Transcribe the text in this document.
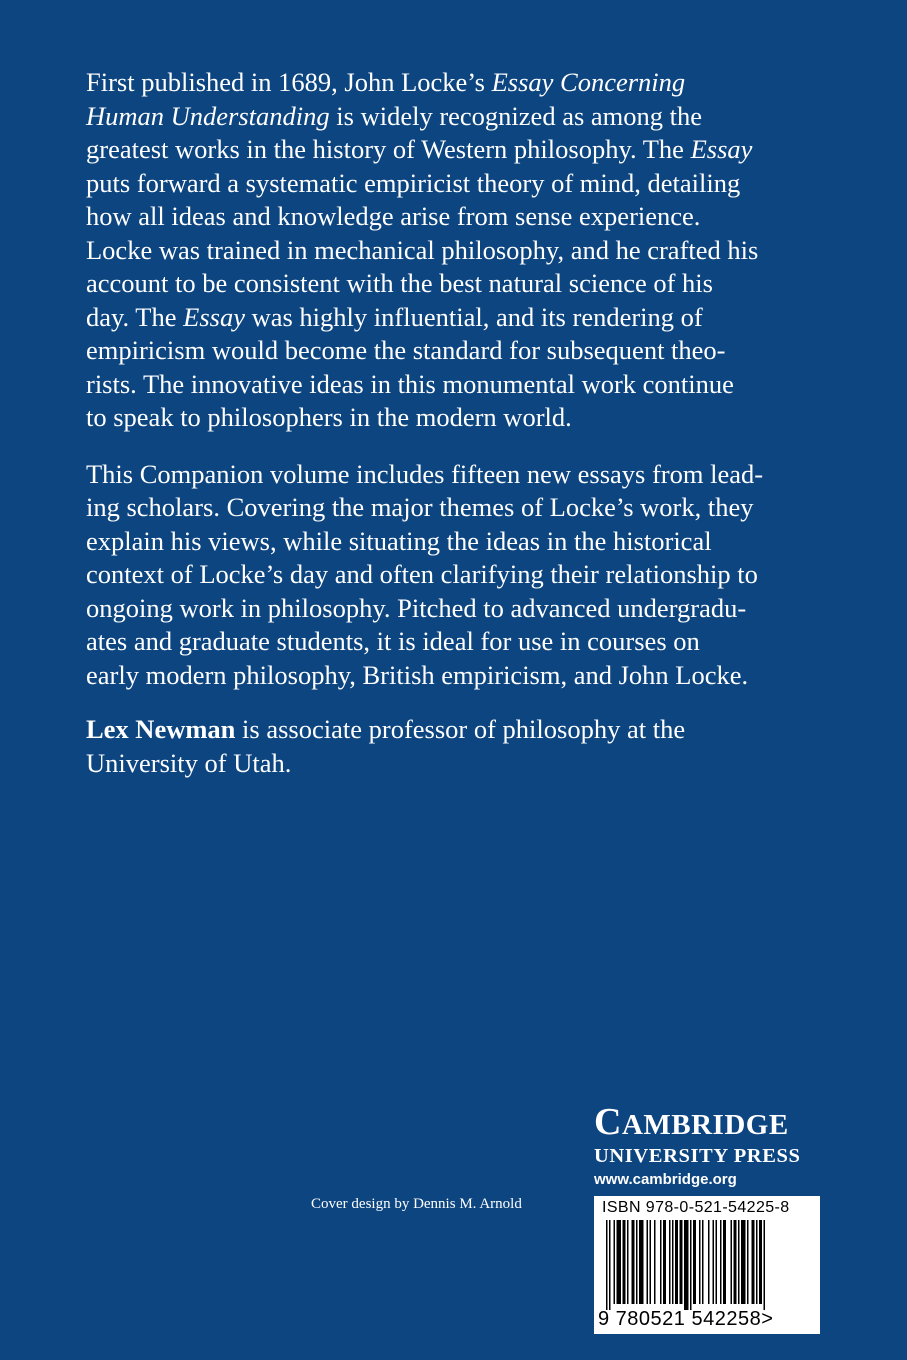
First published in 1689, John Locke’s Essay Concerning

Human Understanding is widely recognized as among the

greatest works in the history of Western philosophy. The Essay

puts forward a systematic empiricist theory of mind, detailing

how all ideas and knowledge arise from sense experience.

Locke was trained in mechanical philosophy, and he crafted his

account to be consistent with the best natural science of his

day. The Essay was highly influential, and its rendering of

empiricism would become the standard for subsequent theo-

rists. The innovative ideas in this monumental work continue

to speak to philosophers in the modern world.

This Companion volume includes fifteen new essays from lead-

ing scholars. Covering the major themes of Locke’s work, they

explain his views, while situating the ideas in the historical

context of Locke’s day and often clarifying their relationship to

ongoing work in philosophy. Pitched to advanced undergradu-

ates and graduate students, it is ideal for use in courses on

early modern philosophy, British empiricism, and John Locke.

Lex Newman is associate professor of philosophy at the

University of Utah.

CAMBRIDGE
UNIVERSITY PRESS
www.cambridge.org
Cover design by Dennis M. Arnold	ISBN 978-0-521-54225-8
9 780521 542258>
